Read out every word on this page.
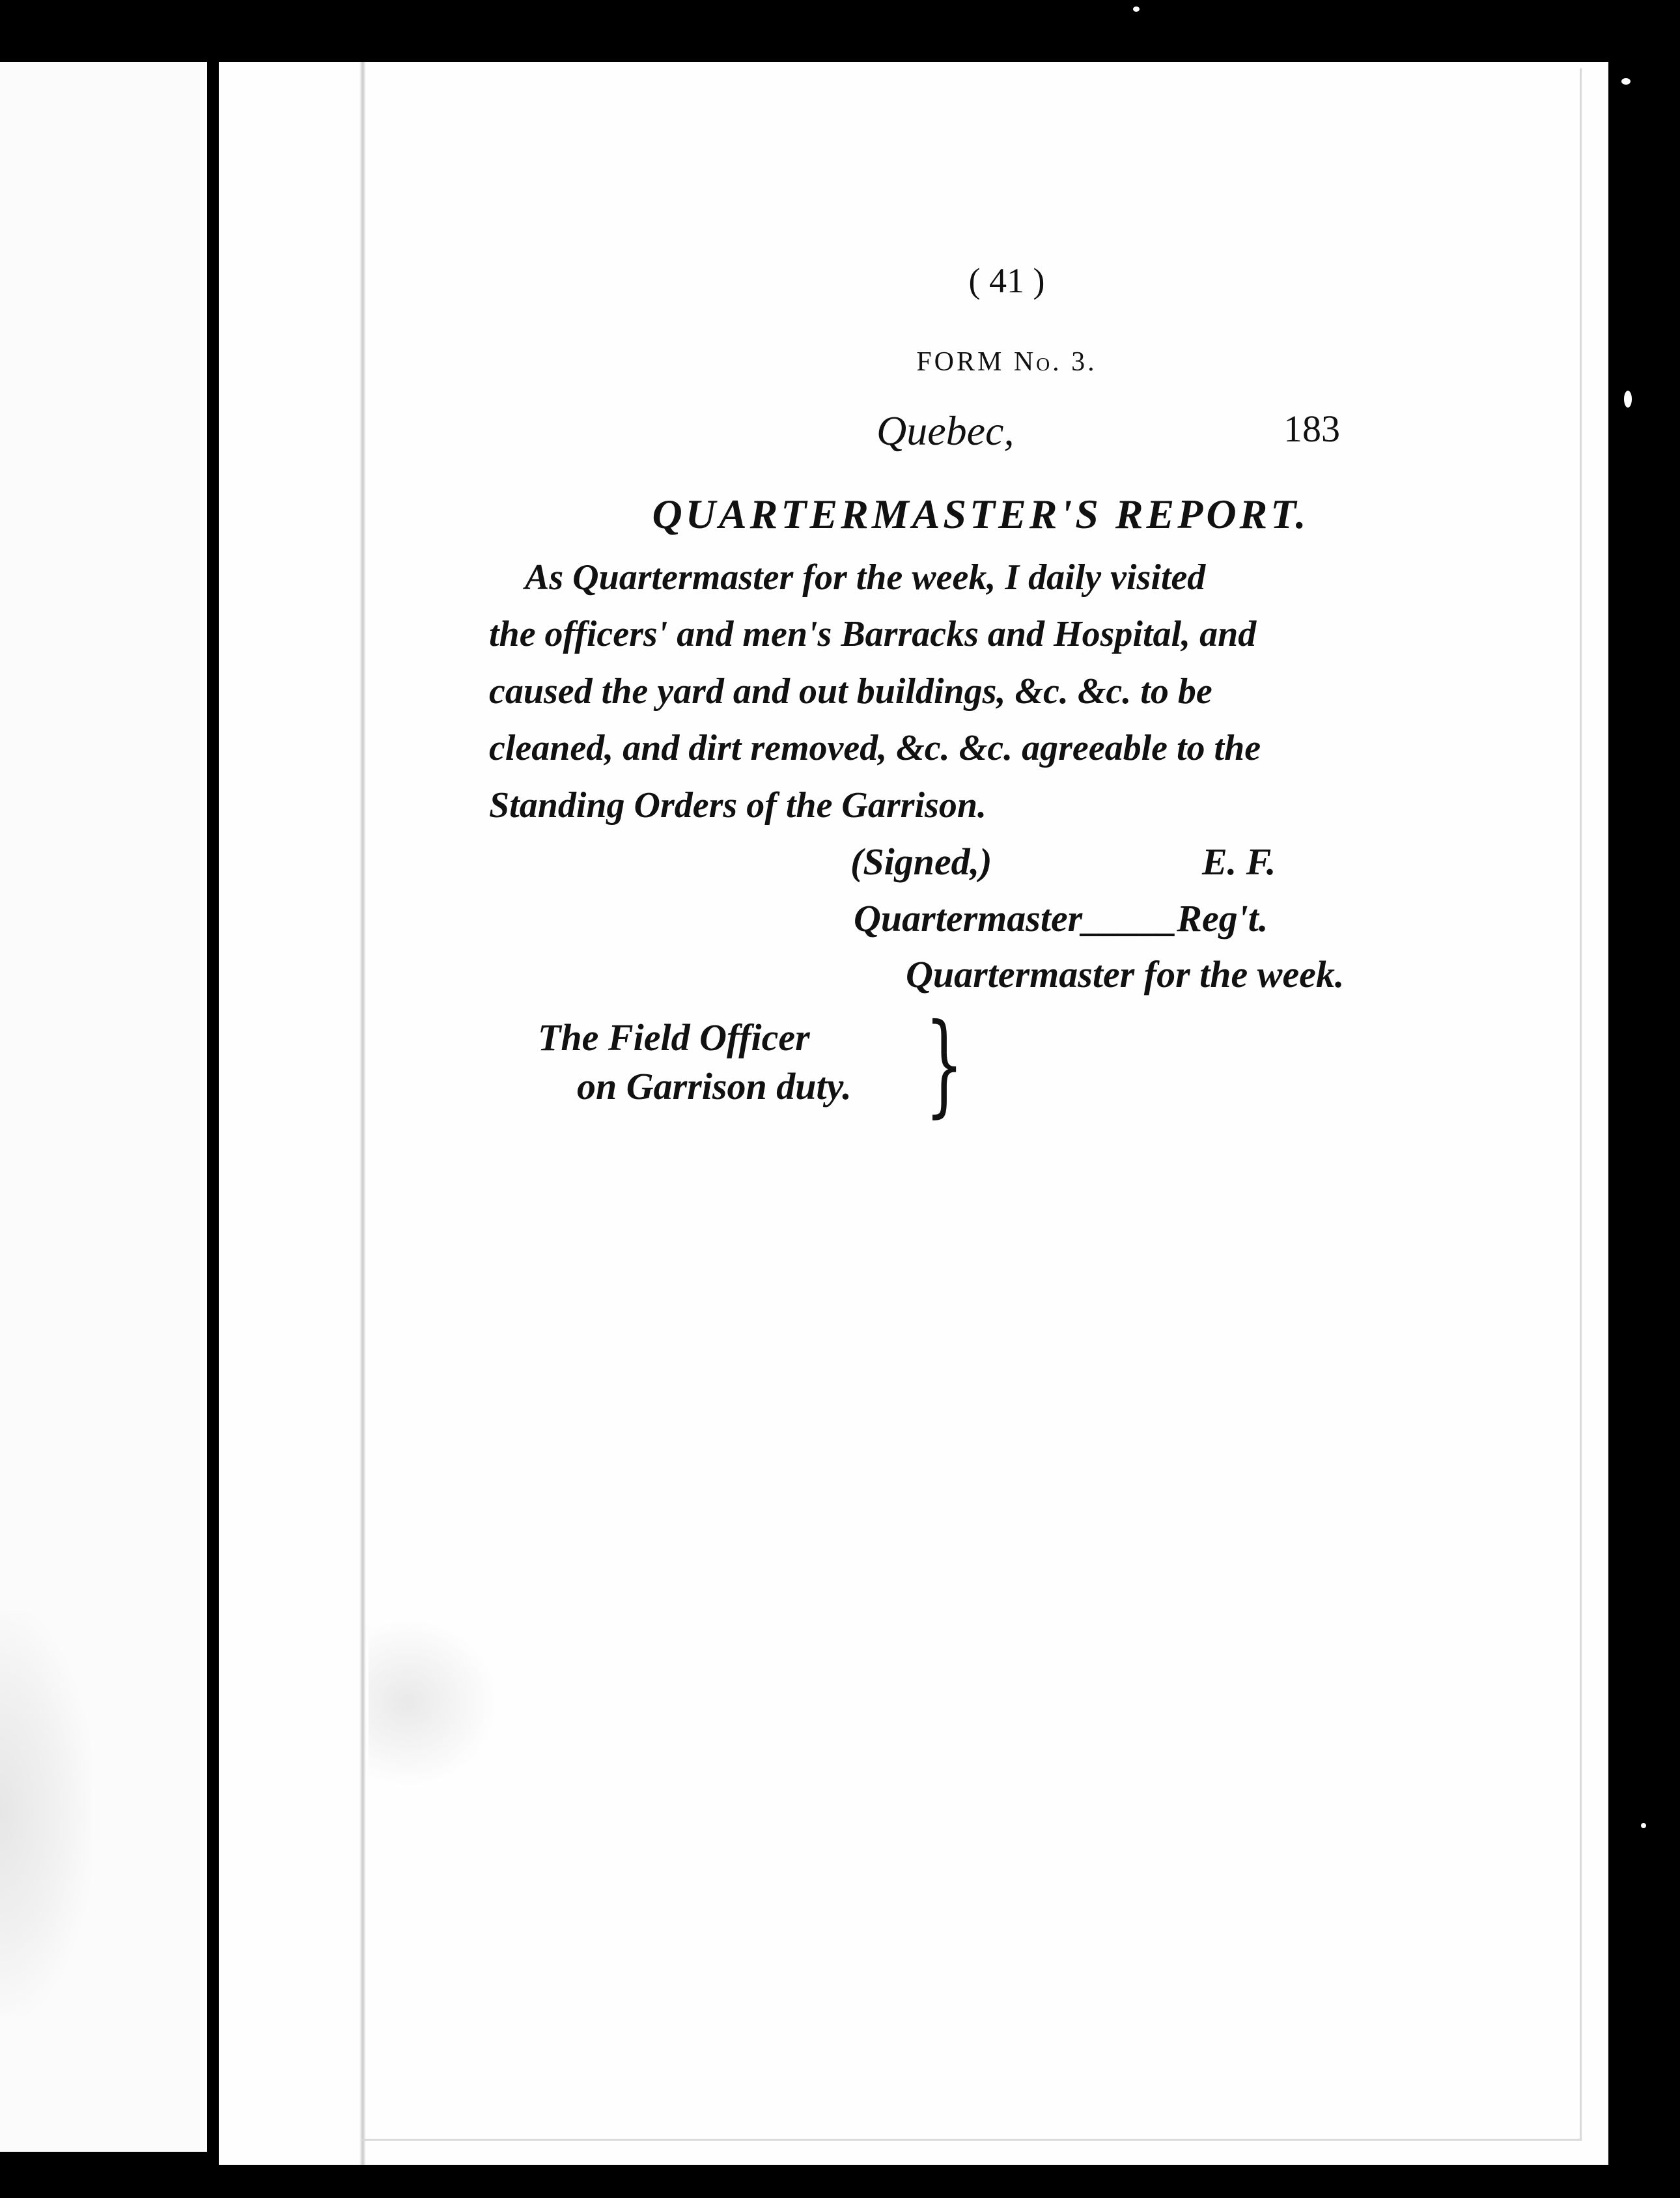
( 41 )
FORM No. 3.
Quebec,	183
QUARTERMASTER'S REPORT.
As Quartermaster for the week, I daily visited
the officers' and men's Barracks and Hospital, and
caused the yard and out buildings, &c. &c. to be
cleaned, and dirt removed, &c. &c. agreeable to the
Standing Orders of the Garrison.
(Signed,)	E. F.
Quartermaster_____Reg't.
Quartermaster for the week.
The Field Officer
on Garrison duty. }
